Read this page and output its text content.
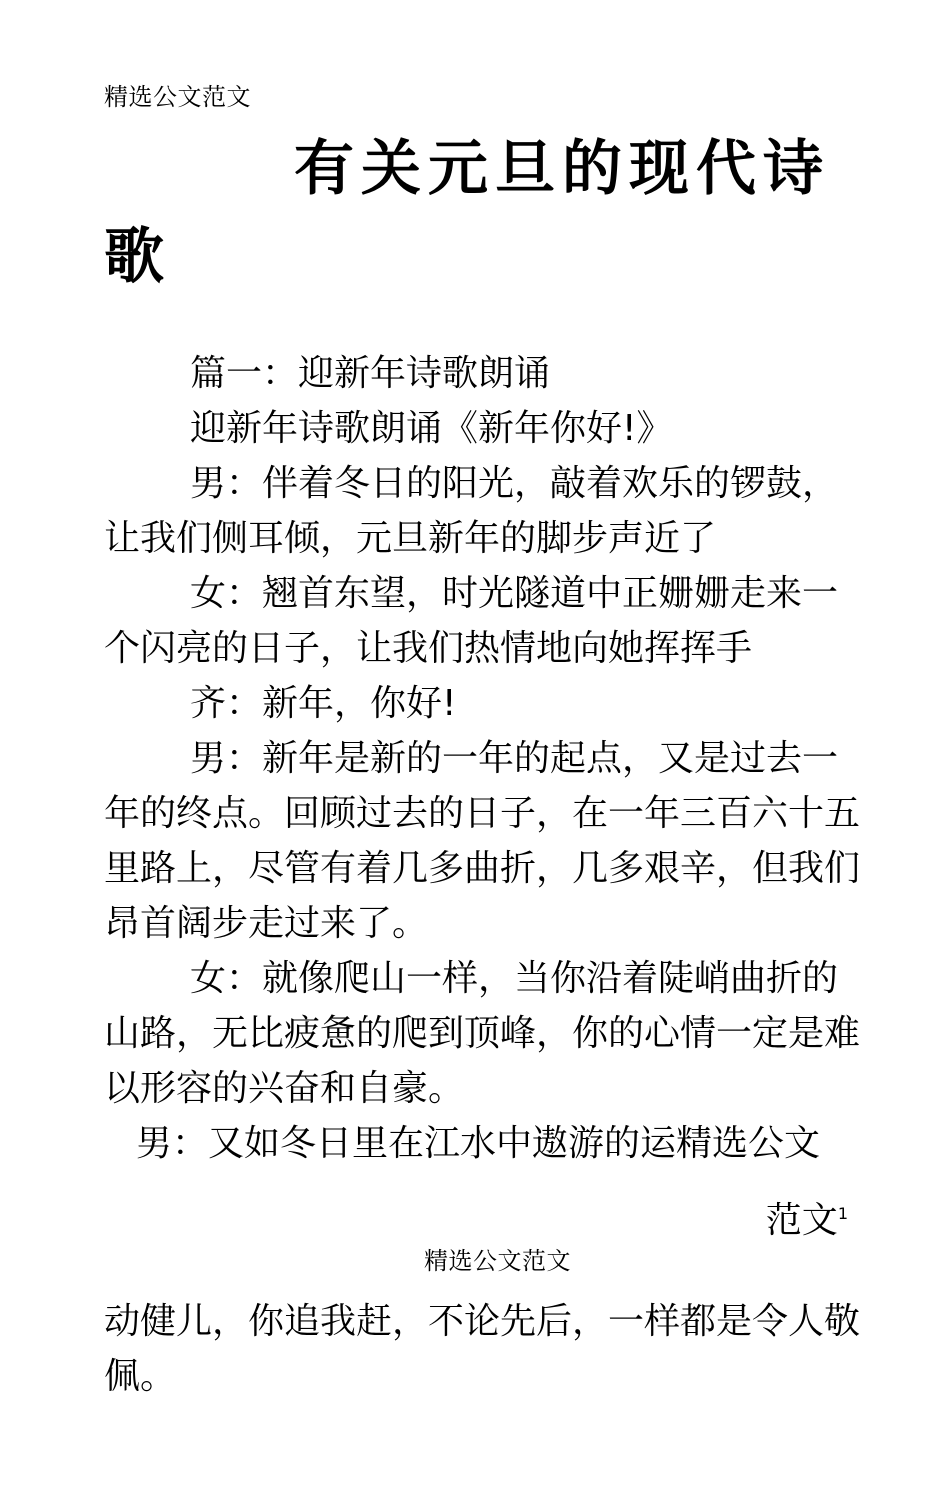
精选公文范文
有关元旦的现代诗歌

篇一：迎新年诗歌朗诵

迎新年诗歌朗诵《新年你好!》

男：伴着冬日的阳光，敲着欢乐的锣鼓，让我们侧耳倾，元旦新年的脚步声近了

女：翘首东望，时光隧道中正姗姗走来一个闪亮的日子，让我们热情地向她挥挥手

齐：新年，你好!

男：新年是新的一年的起点，又是过去一年的终点。回顾过去的日子，在一年三百六十五里路上，尽管有着几多曲折，几多艰辛，但我们昂首阔步走过来了。

女：就像爬山一样，当你沿着陡峭曲折的山路，无比疲惫的爬到顶峰，你的心情一定是难以形容的兴奋和自豪。

男：又如冬日里在江水中遨游的运精选公文

范文$^1$
精选公文范文

动健儿，你追我赶，不论先后，一样都是令人敬佩。
